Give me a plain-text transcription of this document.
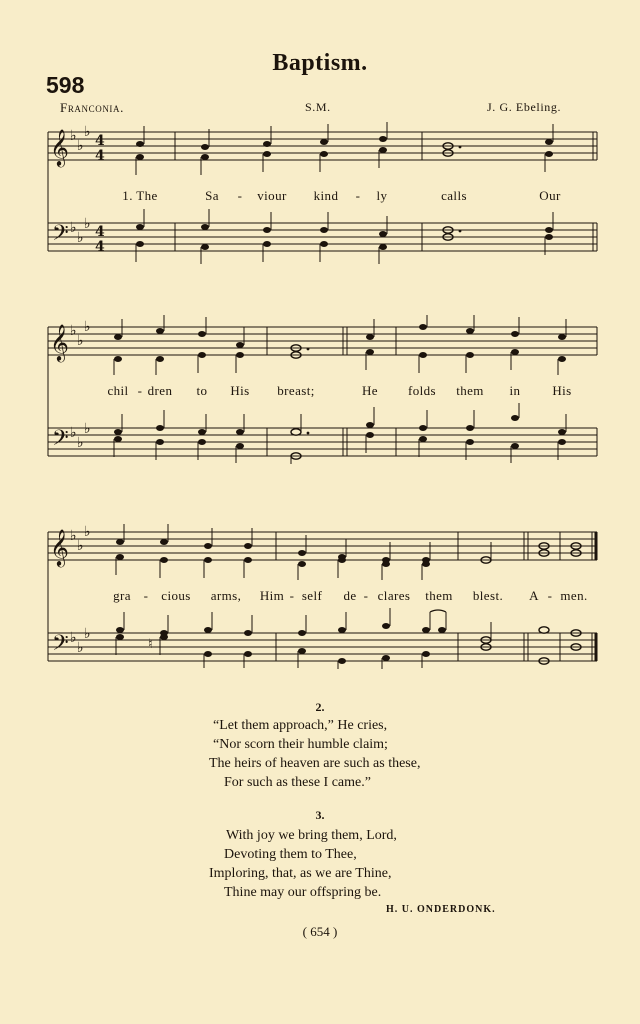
Baptism.
598
Franconia.	S.M.	J. G. Ebeling.
𝄞
𝄢
♭
♭
♭
♭
♭
♭
4
4
4
4
1. The	Sa - viour kind - ly	calls	Our
𝄞
𝄢
♭
♭
♭
♭
♭
♭
chil - dren to His breast;	He folds them in His
𝄞
𝄢
♭
♭
♭
♭
♭
♭
♮
gra - cious arms, Him - self de - clares them blest. A - men.
2.
“Let them approach,” He cries,
“Nor scorn their humble claim;
The heirs of heaven are such as these,
For such as these I came.”
3.
With joy we bring them, Lord,
Devoting them to Thee,
Imploring, that, as we are Thine,
Thine may our offspring be.
H. U. ONDERDONK.
( 654 )
